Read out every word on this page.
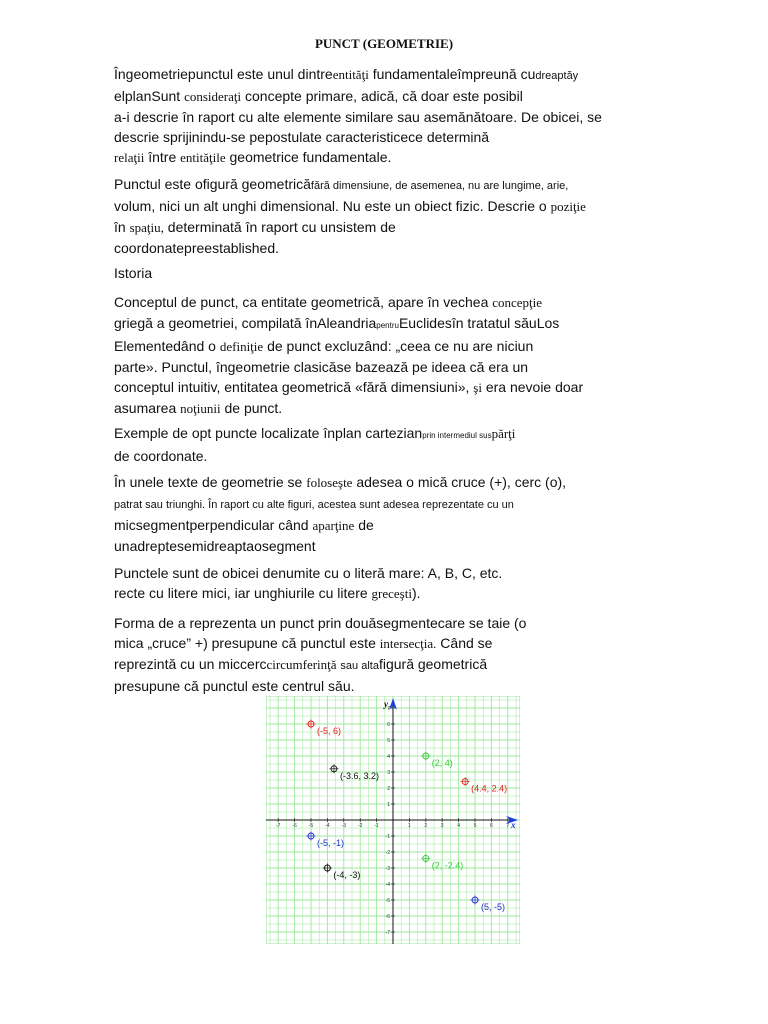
PUNCT (GEOMETRIE)
Îngeometriepunctul este unul dintreentităţi fundamentaleîmpreună cudreaptăy
elplanSunt consideraţi concepte primare, adică, că doar este posibil
a-i descrie în raport cu alte elemente similare sau asemănătoare. De obicei, se
descrie sprijinindu-se pepostulate caracteristicece determină
relaţii între entităţile geometrice fundamentale.
Punctul este ofigură geometricăfără dimensiune, de asemenea, nu are lungime, arie,
volum, nici un alt unghi dimensional. Nu este un obiect fizic. Descrie o poziţie
în spaţiu, determinată în raport cu unsistem de
coordonatepreestablished.
Istoria
Conceptul de punct, ca entitate geometrică, apare în vechea concepţie
griegă a geometriei, compilată înAleandriapentruEuclidesîn tratatul săuLos
Elementedând o definiţie de punct excluzând: „ceea ce nu are niciun
parte». Punctul, îngeometrie clasicăse bazează pe ideea că era un
conceptul intuitiv, entitatea geometrică «fără dimensiuni», şi era nevoie doar
asumarea noţiunii de punct.
Exemple de opt puncte localizate înplan cartezianprin intermediul suspărţi
de coordonate.
În unele texte de geometrie se foloseşte adesea o mică cruce (+), cerc (o),
patrat sau triunghi. În raport cu alte figuri, acestea sunt adesea reprezentate cu un
micsegmentperpendicular când aparţine de
unadreptesemidreaptaosegment
Punctele sunt de obicei denumite cu o literă mare: A, B, C, etc.
recte cu litere mici, iar unghiurile cu litere greceşti).
Forma de a reprezenta un punct prin douăsegmentecare se taie (o
mica „cruce” +) presupune că punctul este intersecţia. Când se
reprezintă cu un miccerccircumferinţă sau altafigură geometrică
presupune că punctul este centrul său.
x
y
-7 -6 -5 -4 -3 -2 -1	1	2	3	4	5	6	7
-7
-6
-5
-4
-3
-2
-1
1
2
3
4
5
6
7
(-5, 6)
(-3.6, 3.2)
(2, 4)
(4.4, 2.4)
(-5, -1)
(2, -2.4)
(-4, -3)
(5, -5)
